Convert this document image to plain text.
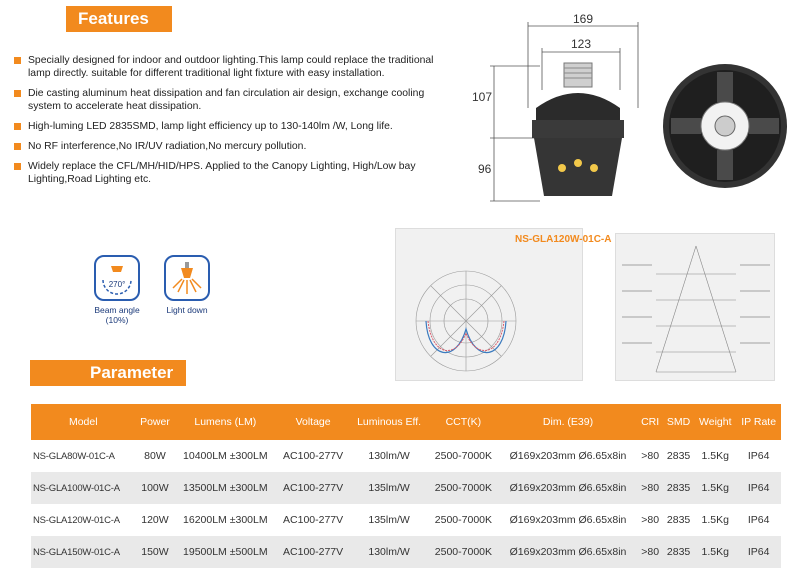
Features
Specially designed for indoor and outdoor lighting.This lamp could replace the traditional lamp directly. suitable for different traditional light fixture with easy installation.
Die casting aluminum heat dissipation and fan circulation air design, exchange cooling system to accelerate heat dissipation.
High-luming LED 2835SMD, lamp light efficiency up to 130-140lm /W, Long life.
No RF interference,No IR/UV radiation,No mercury pollution.
Widely replace the CFL/MH/HID/HPS. Applied to the Canopy Lighting, High/Low bay Lighting,Road Lighting etc.
270°
Beam angle (10%)
Light down
169
123
107
96
NS-GLA120W-01C-A
Parameter
Model	Power	Lumens (LM)	Voltage	Luminous Eff.	CCT(K)	Dim. (E39)	CRI	SMD	Weight	IP Rate
NS-GLA80W-01C-A	80W	10400LM ±300LM	AC100-277V	130lm/W	2500-7000K	Ø169x203mm Ø6.65x8in	>80	2835	1.5Kg	IP64
NS-GLA100W-01C-A	100W	13500LM ±300LM	AC100-277V	135lm/W	2500-7000K	Ø169x203mm Ø6.65x8in	>80	2835	1.5Kg	IP64
NS-GLA120W-01C-A	120W	16200LM ±300LM	AC100-277V	135lm/W	2500-7000K	Ø169x203mm Ø6.65x8in	>80	2835	1.5Kg	IP64
NS-GLA150W-01C-A	150W	19500LM ±500LM	AC100-277V	130lm/W	2500-7000K	Ø169x203mm Ø6.65x8in	>80	2835	1.5Kg	IP64
